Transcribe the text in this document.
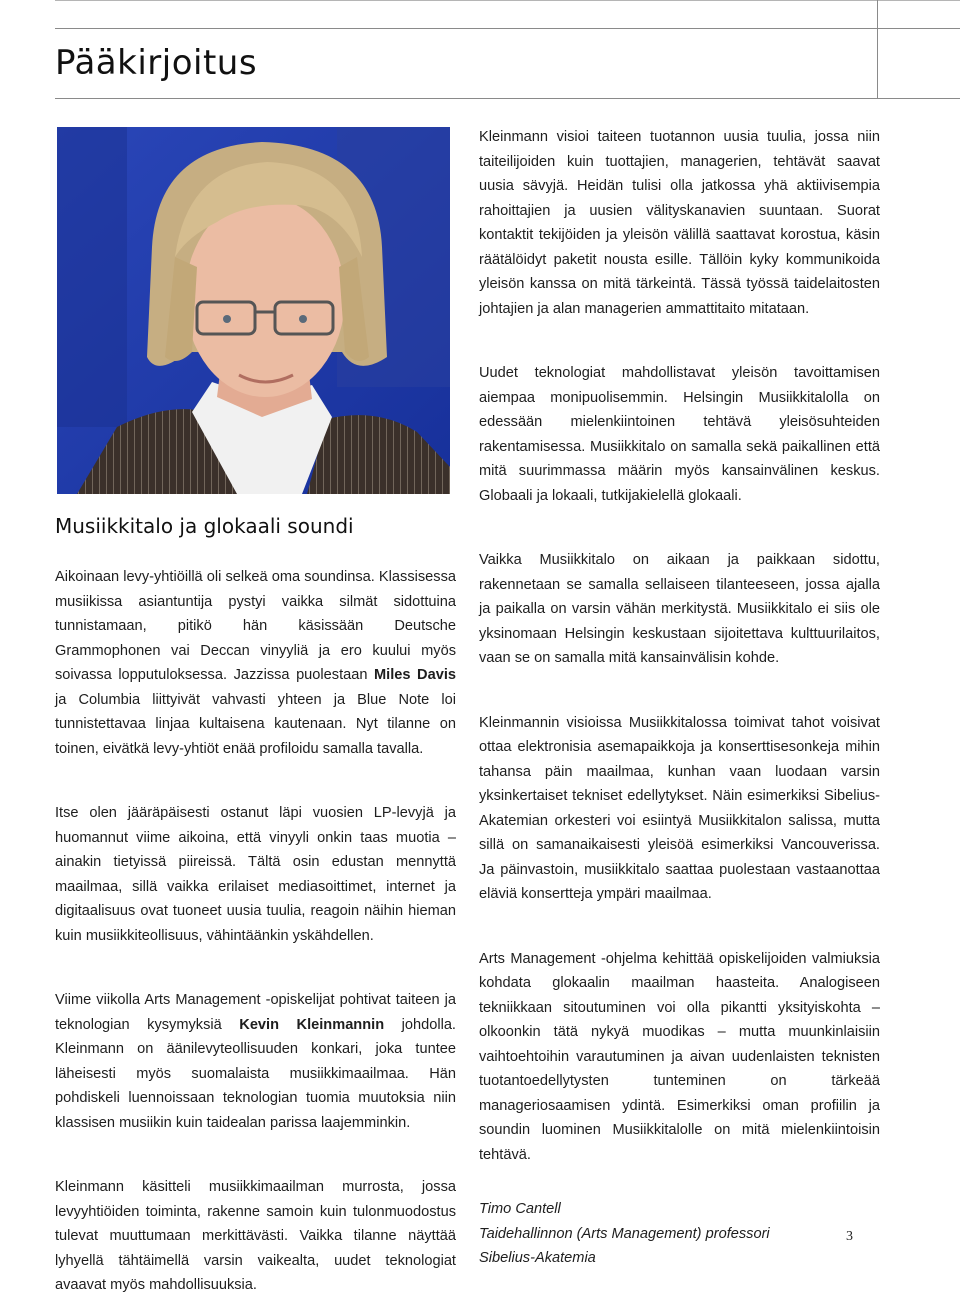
Pääkirjoitus
Musiikkitalo ja glokaali soundi

Aikoinaan levy-yhtiöillä oli selkeä oma soundinsa. Klassisessa musiikissa asiantuntija pystyi vaikka silmät sidottuina tunnistamaan, pitikö hän käsissään Deutsche Grammophonen vai Deccan vinyyliä ja ero kuului myös soivassa lopputuloksessa. Jazzissa puolestaan Miles Davis ja Columbia liittyivät vahvasti yhteen ja Blue Note loi tunnistettavaa linjaa kultaisena kautenaan. Nyt tilanne on toinen, eivätkä levy-yhtiöt enää profiloidu samalla tavalla.

Itse olen jääräpäisesti ostanut läpi vuosien LP-levyjä ja huomannut viime aikoina, että vinyyli onkin taas muotia – ainakin tietyissä piireissä. Tältä osin edustan mennyttä maailmaa, sillä vaikka erilaiset mediasoittimet, internet ja digitaalisuus ovat tuoneet uusia tuulia, reagoin näihin hieman kuin musiikkiteollisuus, vähintäänkin yskähdellen.

Viime viikolla Arts Management -opiskelijat pohtivat taiteen ja teknologian kysymyksiä Kevin Kleinmannin johdolla. Kleinmann on äänilevyteollisuuden konkari, joka tuntee läheisesti myös suomalaista musiikkimaailmaa. Hän pohdiskeli luennoissaan teknologian tuomia muutoksia niin klassisen musiikin kuin taidealan parissa laajemminkin.

Kleinmann käsitteli musiikkimaailman murrosta, jossa levyyhtiöiden toiminta, rakenne samoin kuin tulonmuodostus tulevat muuttumaan merkittävästi. Vaikka tilanne näyttää lyhyellä tähtäimellä varsin vaikealta, uudet teknologiat avaavat myös mahdollisuuksia.

Kleinmann visioi taiteen tuotannon uusia tuulia, jossa niin taiteilijoiden kuin tuottajien, managerien, tehtävät saavat uusia sävyjä. Heidän tulisi olla jatkossa yhä aktiivisempia rahoittajien ja uusien välityskanavien suuntaan. Suorat kontaktit tekijöiden ja yleisön välillä saattavat korostua, käsin räätälöidyt paketit nousta esille. Tällöin kyky kommunikoida yleisön kanssa on mitä tärkeintä. Tässä työssä taidelaitosten johtajien ja alan managerien ammattitaito mitataan.

Uudet teknologiat mahdollistavat yleisön tavoittamisen aiempaa monipuolisemmin. Helsingin Musiikkitalolla on edessään mielenkiintoinen tehtävä yleisösuhteiden rakentamisessa. Musiikkitalo on samalla sekä paikallinen että mitä suurimmassa määrin myös kansainvälinen keskus. Globaali ja lokaali, tutkijakielellä glokaali.

Vaikka Musiikkitalo on aikaan ja paikkaan sidottu, rakennetaan se samalla sellaiseen tilanteeseen, jossa ajalla ja paikalla on varsin vähän merkitystä. Musiikkitalo ei siis ole yksinomaan Helsingin keskustaan sijoitettava kulttuurilaitos, vaan se on samalla mitä kansainvälisin kohde.

Kleinmannin visioissa Musiikkitalossa toimivat tahot voisivat ottaa elektronisia asemapaikkoja ja konserttisesonkeja mihin tahansa päin maailmaa, kunhan vaan luodaan varsin yksinkertaiset tekniset edellytykset. Näin esimerkiksi Sibelius-Akatemian orkesteri voi esiintyä Musiikkitalon salissa, mutta sillä on samanaikaisesti yleisöä esimerkiksi Vancouverissa. Ja päinvastoin, musiikkitalo saattaa puolestaan vastaanottaa eläviä konsertteja ympäri maailmaa.

Arts Management -ohjelma kehittää opiskelijoiden valmiuksia kohdata glokaalin maailman haasteita. Analogiseen tekniikkaan sitoutuminen voi olla pikantti yksityiskohta – olkoonkin tätä nykyä muodikas – mutta muunkinlaisiin vaihtoehtoihin varautuminen ja aivan uudenlaisten teknisten tuotantoedellytysten tunteminen on tärkeää manageriosaamisen ydintä. Esimerkiksi oman profiilin ja soundin luominen Musiikkitalolle on mitä mielenkiintoisin tehtävä.

Timo Cantell
Taidehallinnon (Arts Management) professori
Sibelius-Akatemia

3
